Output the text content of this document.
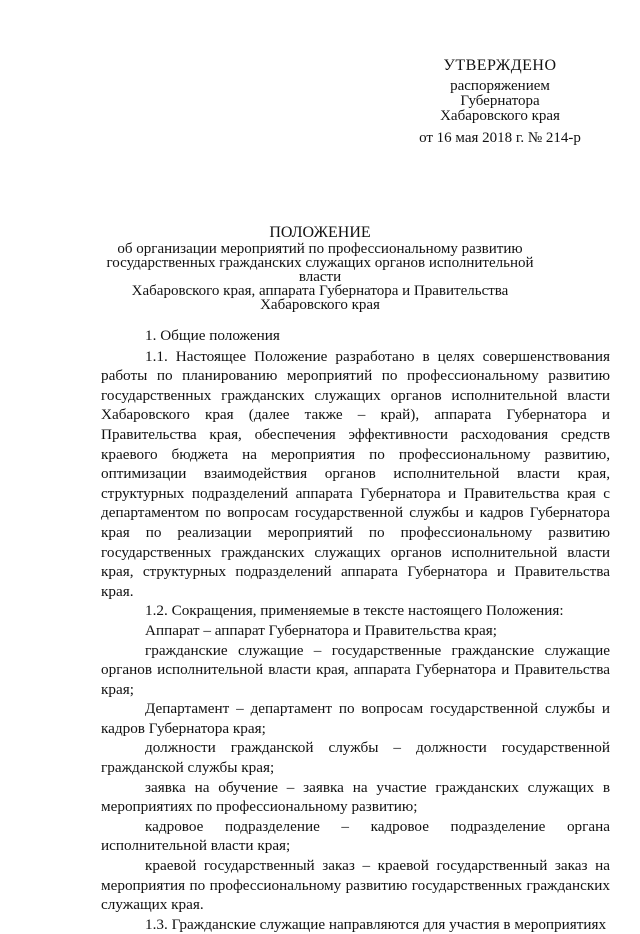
УТВЕРЖДЕНО
распоряжением
Губернатора
Хабаровского края
от 16 мая 2018 г. № 214-р
ПОЛОЖЕНИЕ
об организации мероприятий по профессиональному развитию
государственных гражданских служащих органов исполнительной власти
Хабаровского края, аппарата Губернатора и Правительства
Хабаровского края

1. Общие положения

1.1. Настоящее Положение разработано в целях совершенствования работы по планированию мероприятий по профессиональному развитию государственных гражданских служащих органов исполнительной власти Хабаровского края (далее также – край), аппарата Губернатора и Правительства края, обеспечения эффективности расходования средств краевого бюджета на мероприятия по профессиональному развитию, оптимизации взаимодействия органов исполнительной власти края, структурных подразделений аппарата Губернатора и Правительства края с департаментом по вопросам государственной службы и кадров Губернатора края по реализации мероприятий по профессиональному развитию государственных гражданских служащих органов исполнительной власти края, структурных подразделений аппарата Губернатора и Правительства края.

1.2. Сокращения, применяемые в тексте настоящего Положения:

Аппарат – аппарат Губернатора и Правительства края;

гражданские служащие – государственные гражданские служащие органов исполнительной власти края, аппарата Губернатора и Правительства края;

Департамент – департамент по вопросам государственной службы и кадров Губернатора края;

должности гражданской службы – должности государственной гражданской службы края;

заявка на обучение – заявка на участие гражданских служащих в мероприятиях по профессиональному развитию;

кадровое подразделение – кадровое подразделение органа исполнительной власти края;

краевой государственный заказ – краевой государственный заказ на мероприятия по профессиональному развитию государственных гражданских служащих края.

1.3. Гражданские служащие направляются для участия в мероприятиях
